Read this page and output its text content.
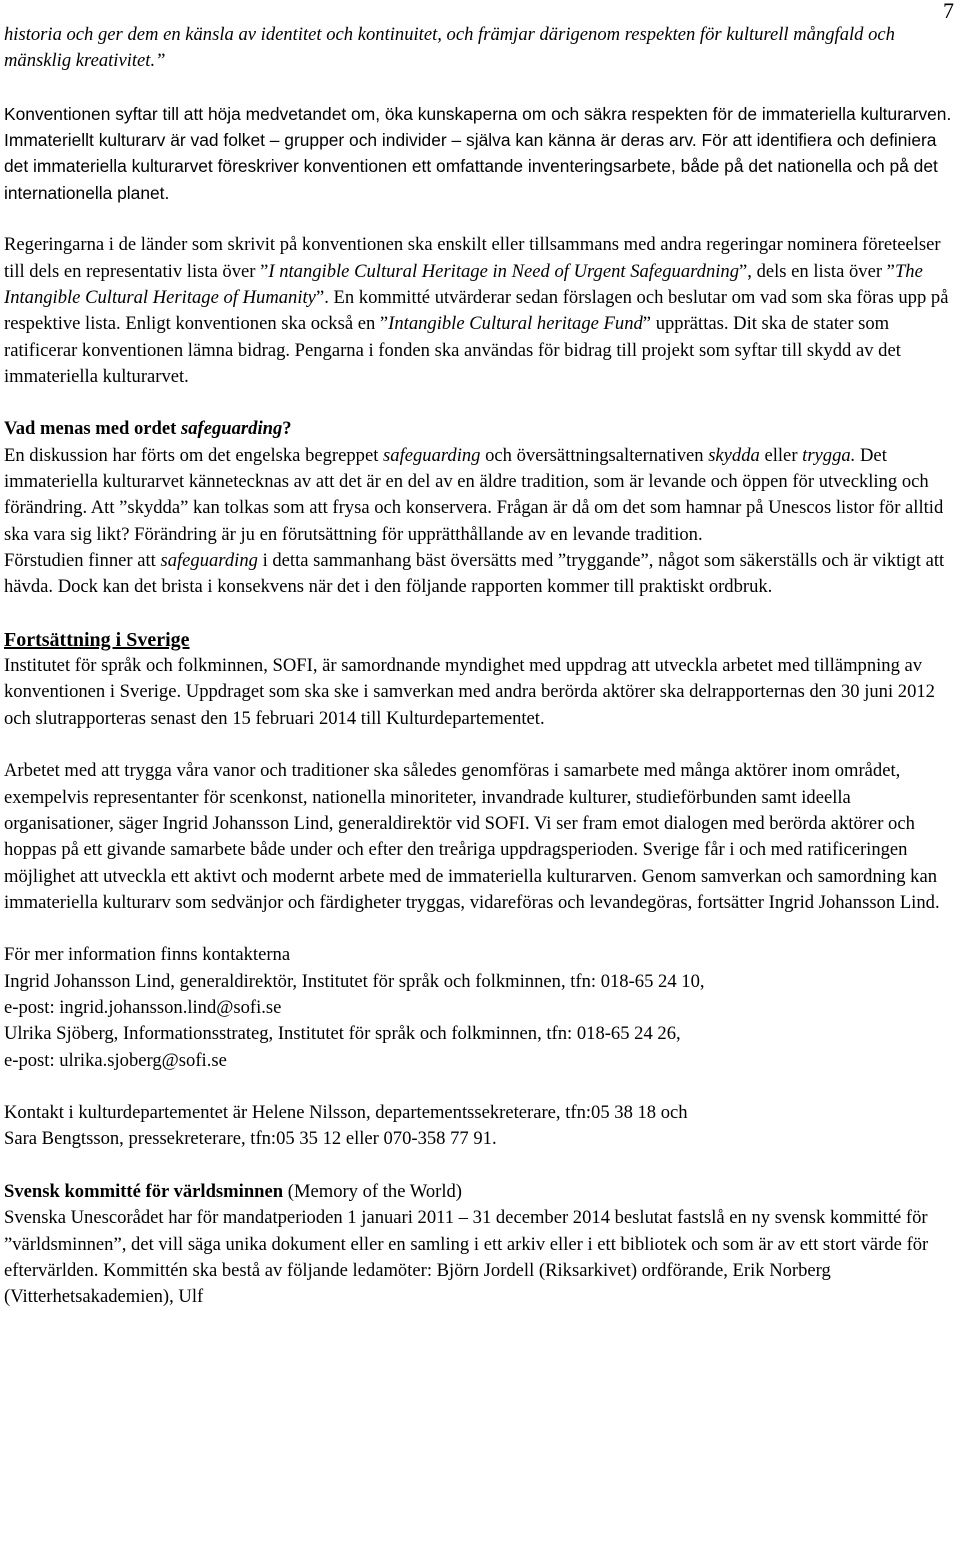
7

historia och ger dem en känsla av identitet och kontinuitet, och främjar därigenom respekten för kulturell mångfald och mänsklig kreativitet.”

Konventionen syftar till att höja medvetandet om, öka kunskaperna om och säkra respekten för de immateriella kulturarven. Immateriellt kulturarv är vad folket – grupper och individer – själva kan känna är deras arv. För att identifiera och definiera det immateriella kulturarvet föreskriver konventionen ett omfattande inventeringsarbete, både på det nationella och på det internationella planet.

Regeringarna i de länder som skrivit på konventionen ska enskilt eller tillsammans med andra regeringar nominera företeelser till dels en representativ lista över ”I ntangible Cultural Heritage in Need of Urgent Safeguardning”, dels en lista över ”The Intangible Cultural Heritage of Humanity”. En kommitté utvärderar sedan förslagen och beslutar om vad som ska föras upp på respektive lista. Enligt konventionen ska också en ”Intangible Cultural heritage Fund” upprättas. Dit ska de stater som ratificerar konventionen lämna bidrag. Pengarna i fonden ska användas för bidrag till projekt som syftar till skydd av det immateriella kulturarvet.

Vad menas med ordet safeguarding?

En diskussion har förts om det engelska begreppet safeguarding och översättningsalternativen skydda eller trygga. Det immateriella kulturarvet kännetecknas av att det är en del av en äldre tradition, som är levande och öppen för utveckling och förändring. Att ”skydda” kan tolkas som att frysa och konservera. Frågan är då om det som hamnar på Unescos listor för alltid ska vara sig likt? Förändring är ju en förutsättning för upprätthållande av en levande tradition.

Förstudien finner att safeguarding i detta sammanhang bäst översätts med ”tryggande”, något som säkerställs och är viktigt att hävda. Dock kan det brista i konsekvens när det i den följande rapporten kommer till praktiskt ordbruk.

Fortsättning i Sverige

Institutet för språk och folkminnen, SOFI, är samordnande myndighet med uppdrag att utveckla arbetet med tillämpning av konventionen i Sverige. Uppdraget som ska ske i samverkan med andra berörda aktörer ska delrapporternas den 30 juni 2012 och slutrapporteras senast den 15 februari 2014 till Kulturdepartementet.

Arbetet med att trygga våra vanor och traditioner ska således genomföras i samarbete med många aktörer inom området, exempelvis representanter för scenkonst, nationella minoriteter, invandrade kulturer, studieförbunden samt ideella organisationer, säger Ingrid Johansson Lind, generaldirektör vid SOFI. Vi ser fram emot dialogen med berörda aktörer och hoppas på ett givande samarbete både under och efter den treåriga uppdragsperioden. Sverige får i och med ratificeringen möjlighet att utveckla ett aktivt och modernt arbete med de immateriella kulturarven. Genom samverkan och samordning kan immateriella kulturarv som sedvänjor och färdigheter tryggas, vidareföras och levandegöras, fortsätter Ingrid Johansson Lind.

För mer information finns kontakterna

Ingrid Johansson Lind, generaldirektör, Institutet för språk och folkminnen, tfn: 018-65 24 10,

e-post: ingrid.johansson.lind@sofi.se

Ulrika Sjöberg, Informationsstrateg, Institutet för språk och folkminnen, tfn: 018-65 24 26,

e-post: ulrika.sjoberg@sofi.se

Kontakt i kulturdepartementet är Helene Nilsson, departementssekreterare, tfn:05 38 18 och

Sara Bengtsson, pressekreterare, tfn:05 35 12 eller 070-358 77 91.

Svensk kommitté för världsminnen (Memory of the World)

Svenska Unescorådet har för mandatperioden 1 januari 2011 – 31 december 2014 beslutat fastslå en ny svensk kommitté för ”världsminnen”, det vill säga unika dokument eller en samling i ett arkiv eller i ett bibliotek och som är av ett stort värde för eftervärlden. Kommittén ska bestå av följande ledamöter: Björn Jordell (Riksarkivet) ordförande, Erik Norberg (Vitterhetsakademien), Ulf
